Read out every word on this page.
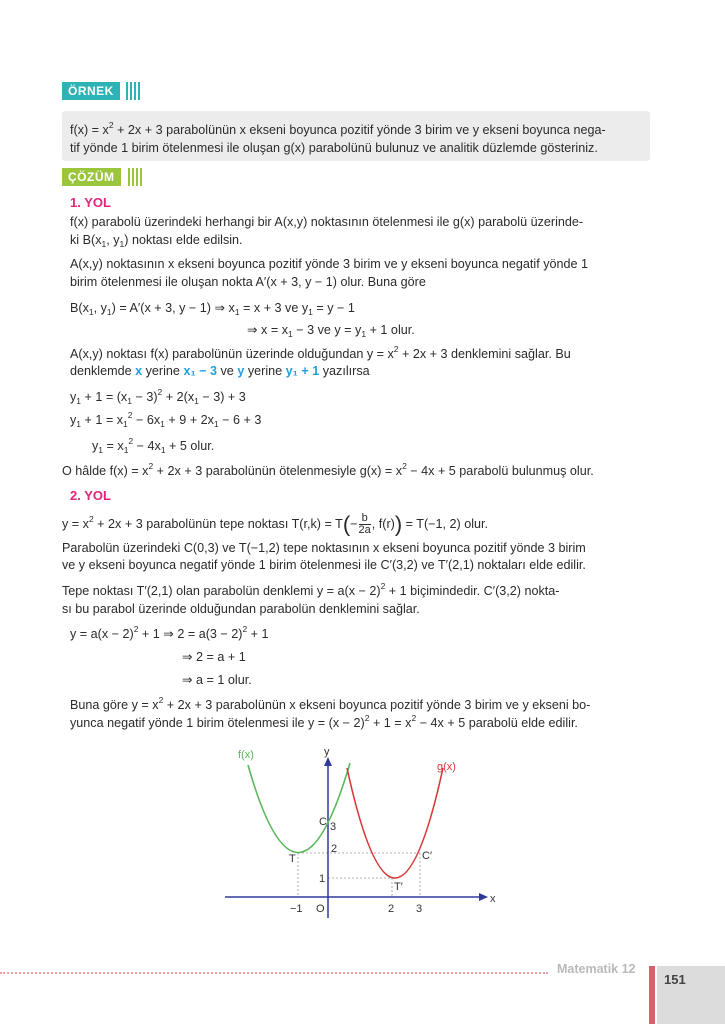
ÖRNEK
ÇÖZÜM
1. YOL
2. YOL
$f(x) = x^2 + 2x + 3$ parabolünün x ekseni boyunca pozitif yönde 3 birim ve y ekseni boyunca nega-
tif yönde 1 birim ötelenmesi ile oluşan g(x) parabolünü bulunuz ve analitik düzlemde gösteriniz.
f(x) parabolü üzerindeki herhangi bir A(x,y) noktasının ötelenmesi ile g(x) parabolü üzerinde-
ki $B(x_1$, $y_1$) noktası elde edilsin.
A(x,y) noktasının x ekseni boyunca pozitif yönde 3 birim ve y ekseni boyunca negatif yönde 1
birim ötelenmesi ile oluşan nokta A′(x + 3, y − 1) olur. Buna göre
$B(x_1$, $y_1) = A'(x + 3$, y − 1) ⇒ $x_1 = x + 3$ ve $y_1 = y - 1$
⇒ $x = x_1 - 3$ ve $y = y_1 + 1$ olur.
A(x,y) noktası f(x) parabolünün üzerinde olduğundan $y = x^2 + 2x + 3$ denklemini sağlar. Bu
denklemde x yerine x₁ − 3 ve y yerine y₁ + 1 yazılırsa
$y_1 + 1 = (x_1 - 3)^2 + 2(x_1 - 3) + 3$
$y_1 + 1 = x_1^2 - 6x_1 + 9 + 2x_1 - 6 + 3$
$y_1 = x_1^2 - 4x_1 + 5$ olur.
O hâlde $f(x) = x^2 + 2x + 3$ parabolünün ötelenmesiyle $g(x) = x^2 - 4x + 5$ parabolü bulunmuş olur.
$y = x^2 + 2x + 3$ parabolünün tepe noktası $T(r,k) = T(- \frac{b}{2a}$ , f(r)) = T(−1, 2) olur.
Parabolün üzerindeki C(0,3) ve T(−1,2) tepe noktasının x ekseni boyunca pozitif yönde 3 birim
ve y ekseni boyunca negatif yönde 1 birim ötelenmesi ile C′(3,2) ve T′(2,1) noktaları elde edilir.
Tepe noktası T′(2,1) olan parabolün denklemi $y = a(x - 2)^2 + 1$ biçimindedir. C′(3,2) nokta-
sı bu parabol üzerinde olduğundan parabolün denklemini sağlar.
$y = a(x - 2)^2 + 1$ ⇒ $2 = a(3 - 2)^2 + 1$
⇒ 2 = a + 1
⇒ a = 1 olur.
Buna göre $y = x^2 + 2x + 3$ parabolünün x ekseni boyunca pozitif yönde 3 birim ve y ekseni bo-
yunca negatif yönde 1 birim ötelenmesi ile $y = (x - 2)^2 + 1 = x^2 - 4x + 5$ parabolü elde edilir.
f(x)
g(x)
y
x
O
−1	2 3
1
2
3
C
T	C′
T′
Matematik 12
151
